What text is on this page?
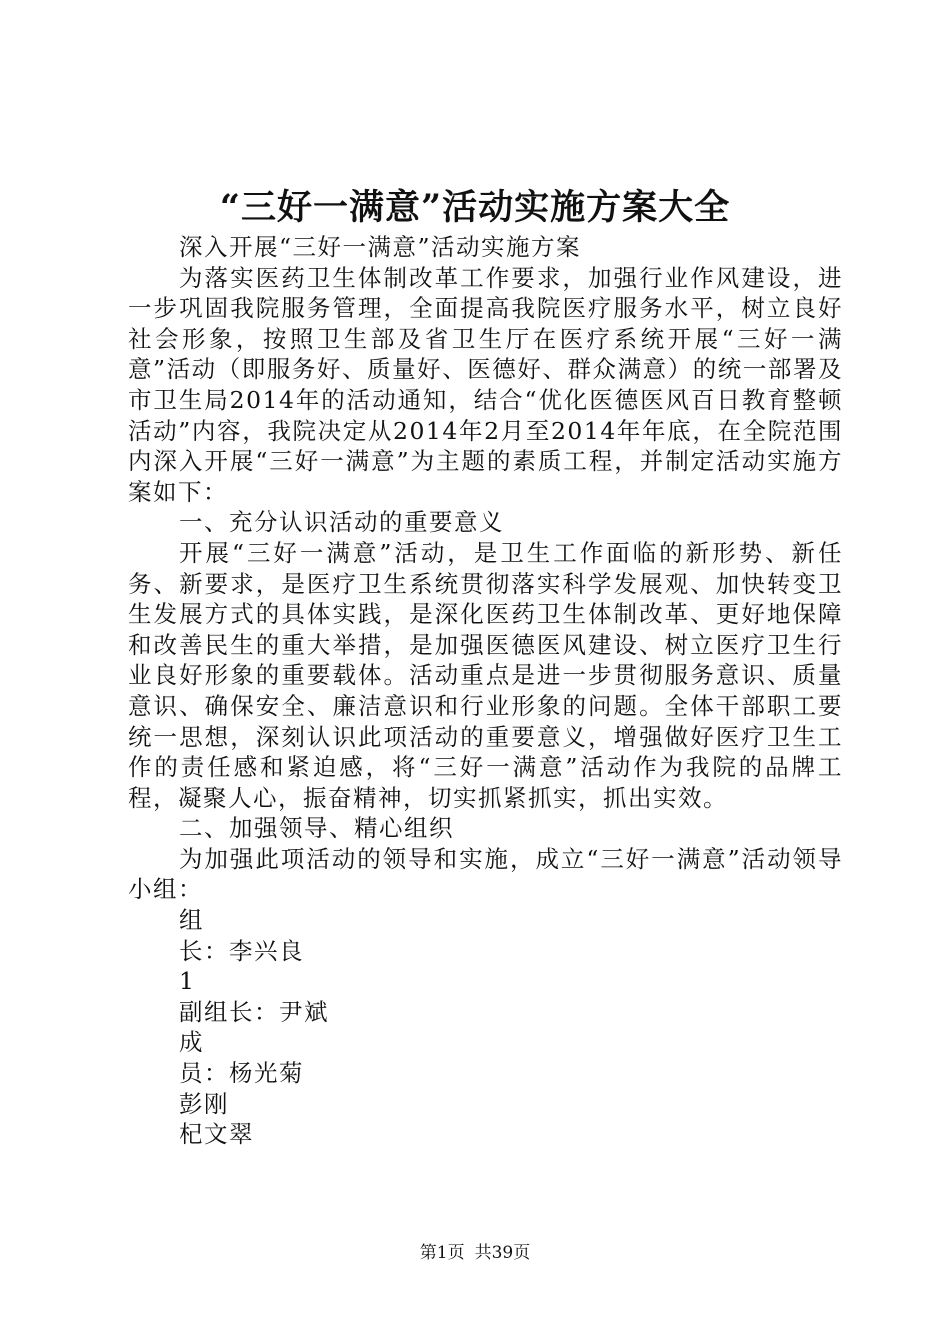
“三好一满意”活动实施方案大全

深入开展“三好一满意”活动实施方案

为落实医药卫生体制改革工作要求，加强行业作风建设，进一步巩固我院服务管理，全面提高我院医疗服务水平，树立良好社会形象，按照卫生部及省卫生厅在医疗系统开展“三好一满意”活动（即服务好、质量好、医德好、群众满意）的统一部署及市卫生局2014年的活动通知，结合“优化医德医风百日教育整顿活动”内容，我院决定从2014年2月至2014年年底，在全院范围内深入开展“三好一满意”为主题的素质工程，并制定活动实施方案如下：

一、充分认识活动的重要意义

开展“三好一满意”活动，是卫生工作面临的新形势、新任务、新要求，是医疗卫生系统贯彻落实科学发展观、加快转变卫生发展方式的具体实践，是深化医药卫生体制改革、更好地保障和改善民生的重大举措，是加强医德医风建设、树立医疗卫生行业良好形象的重要载体。活动重点是进一步贯彻服务意识、质量意识、确保安全、廉洁意识和行业形象的问题。全体干部职工要统一思想，深刻认识此项活动的重要意义，增强做好医疗卫生工作的责任感和紧迫感，将“三好一满意”活动作为我院的品牌工程，凝聚人心，振奋精神，切实抓紧抓实，抓出实效。

二、加强领导、精心组织

为加强此项活动的领导和实施，成立“三好一满意”活动领导小组：

组

长：李兴良

1

副组长：尹斌

成

员：杨光菊

彭刚

杞文翠

第1页 共39页
